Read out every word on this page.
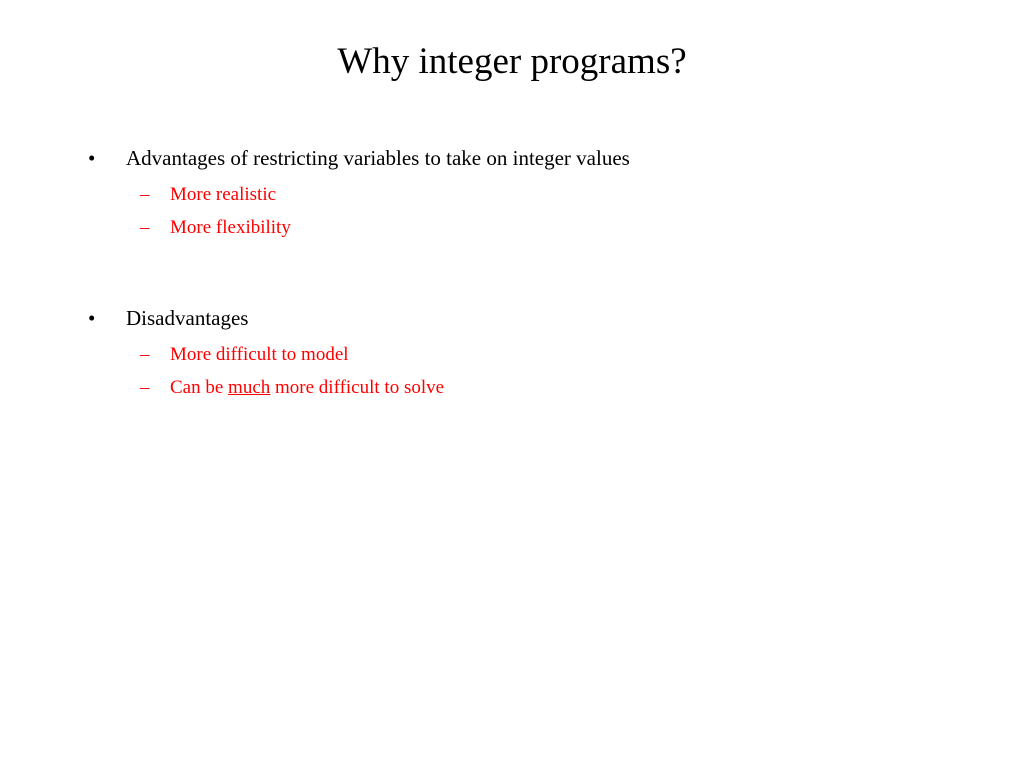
Why integer programs?
•	Advantages of restricting variables to take on integer values
–	More realistic
–	More flexibility
•	Disadvantages
–	More difficult to model
–	Can be much more difficult to solve
